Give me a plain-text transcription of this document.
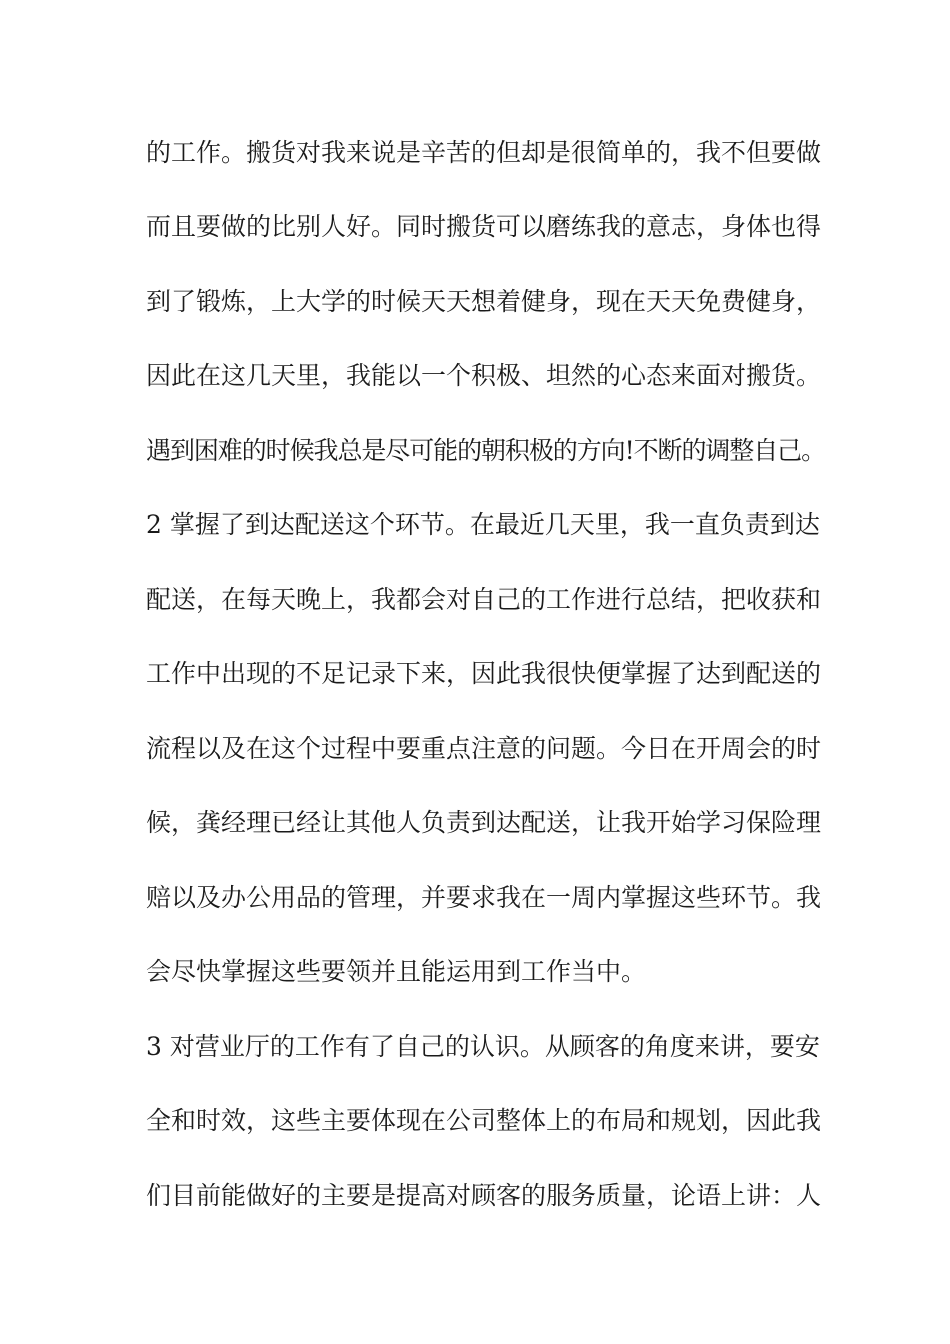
的工作。搬货对我来说是辛苦的但却是很简单的，我不但要做
而且要做的比别人好。同时搬货可以磨练我的意志，身体也得
到了锻炼，上大学的时候天天想着健身，现在天天免费健身，
因此在这几天里，我能以一个积极、坦然的心态来面对搬货。
遇到困难的时候我总是尽可能的朝积极的方向!不断的调整自己。
2 掌握了到达配送这个环节。在最近几天里，我一直负责到达
配送，在每天晚上，我都会对自己的工作进行总结，把收获和
工作中出现的不足记录下来，因此我很快便掌握了达到配送的
流程以及在这个过程中要重点注意的问题。今日在开周会的时
候，龚经理已经让其他人负责到达配送，让我开始学习保险理
赔以及办公用品的管理，并要求我在一周内掌握这些环节。我
会尽快掌握这些要领并且能运用到工作当中。
3 对营业厅的工作有了自己的认识。从顾客的角度来讲，要安
全和时效，这些主要体现在公司整体上的布局和规划，因此我
们目前能做好的主要是提高对顾客的服务质量，论语上讲：人
